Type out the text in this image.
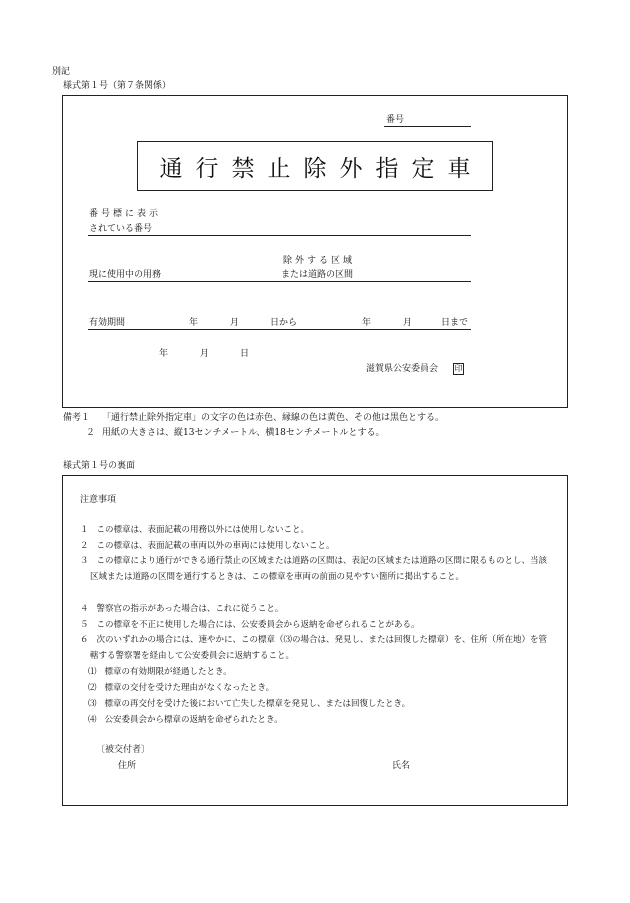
別記
様式第１号（第７条関係）
番号
通行禁止除外指定車
番号標に表示
されている番号
除外する区域
現に使用中の用務	または道路の区間
有効期間	年	月	日から	年	月	日まで
年	月	日
滋賀県公安委員会 印
備考１ 「通行禁止除外指定車」の文字の色は赤色、縁線の色は黄色、その他は黒色とする。
２ 用紙の大きさは、縦13センチメートル、横18センチメートルとする。
様式第１号の裏面
注意事項
１ この標章は、表面記載の用務以外には使用しないこと。
２ この標章は、表面記載の車両以外の車両には使用しないこと。
３ この標章により通行ができる通行禁止の区域または道路の区間は、表記の区域または道路の区間に限るものとし、当該区域または道路の区間を通行するときは、この標章を車両の前面の見やすい箇所に掲出すること。
４ 警察官の指示があった場合は、これに従うこと。
５ この標章を不正に使用した場合には、公安委員会から返納を命ぜられることがある。
６ 次のいずれかの場合には、速やかに、この標章（⑶の場合は、発見し、または回復した標章）を、住所（所在地）を管轄する警察署を経由して公安委員会に返納すること。
⑴ 標章の有効期限が経過したとき。
⑵ 標章の交付を受けた理由がなくなったとき。
⑶ 標章の再交付を受けた後において亡失した標章を発見し、または回復したとき。
⑷ 公安委員会から標章の返納を命ぜられたとき。
〔被交付者〕
住所	氏名
